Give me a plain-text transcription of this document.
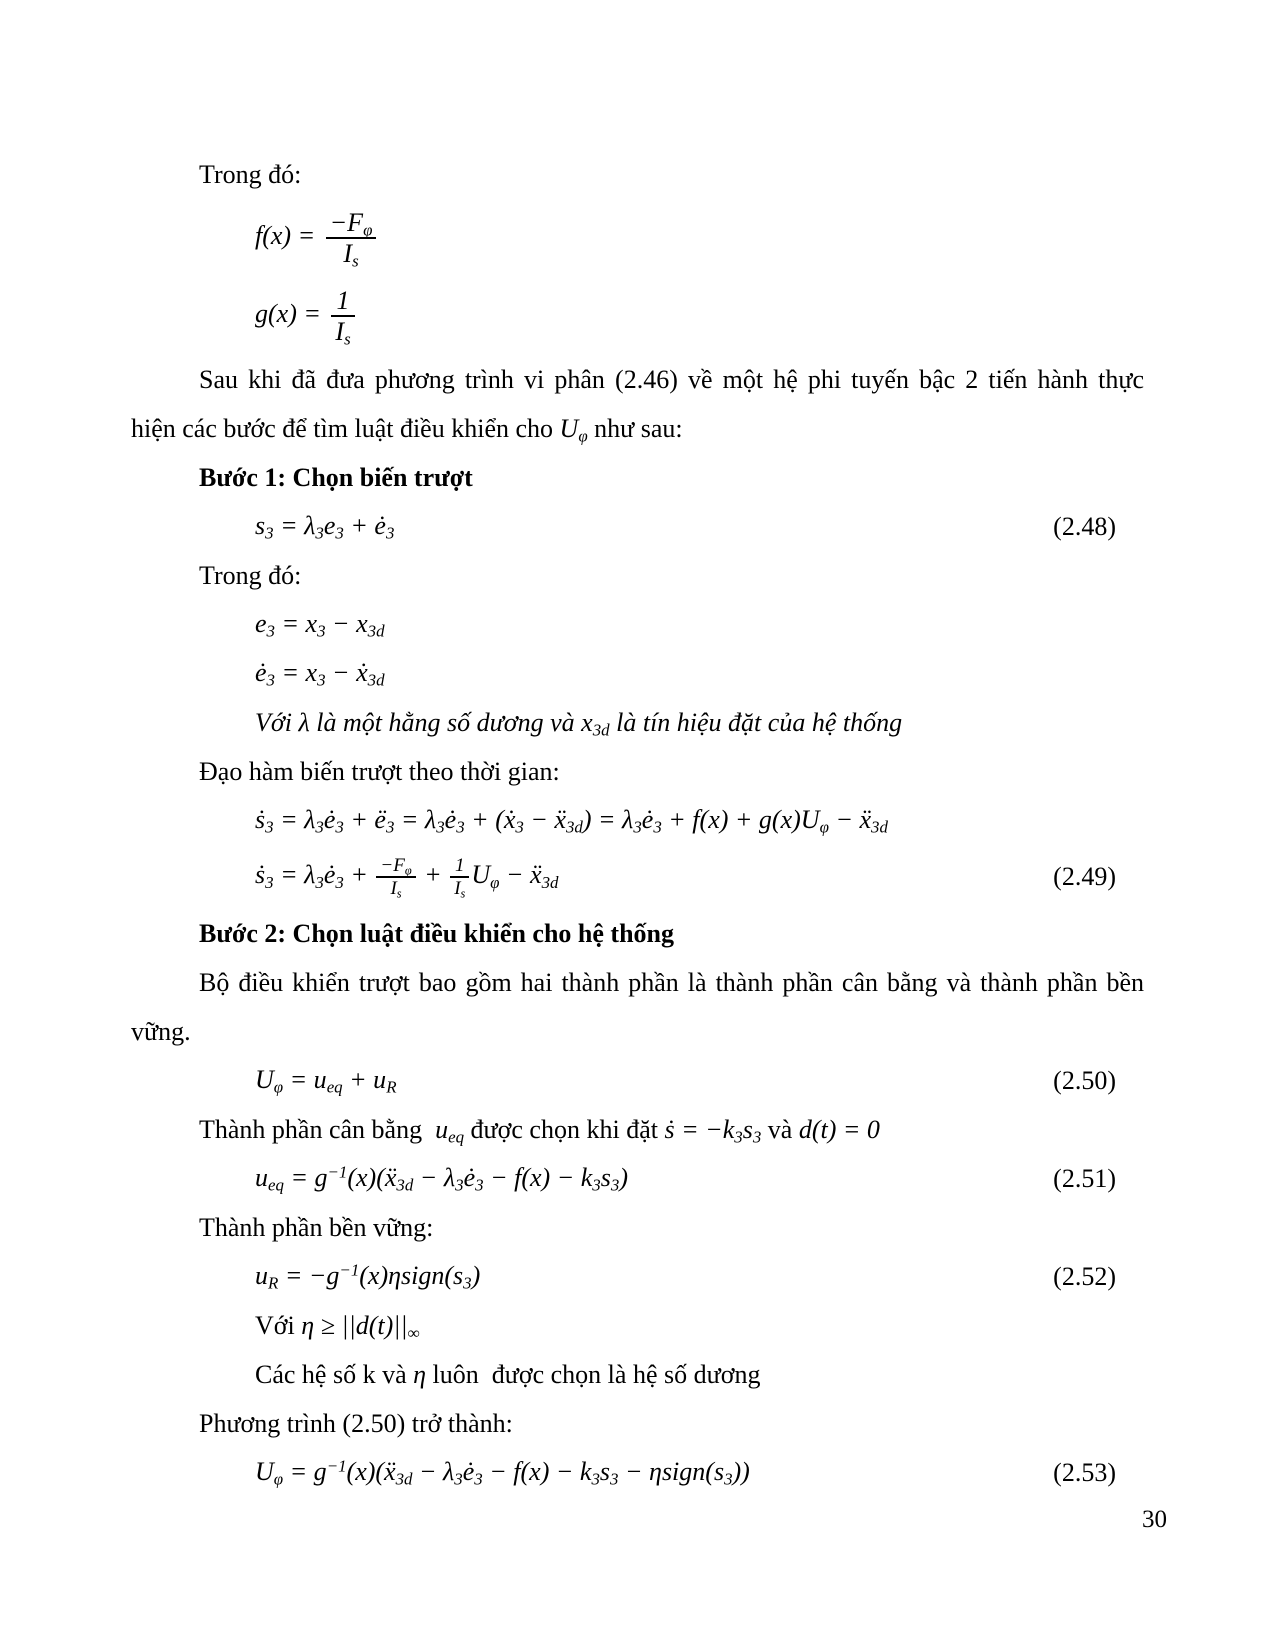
Trong đó:
$f(x) = \frac{-F\varphi}{Is}$
$g(x) = \frac{1}{Is}$
Sau khi đã đưa phương trình vi phân (2.46) về một hệ phi tuyến bậc 2 tiến hành thực
hiện các bước để tìm luật điều khiển cho Uφ như sau:
Bước 1: Chọn biến trượt
s3 = λ3e3 + ė3	(2.48)
Trong đó:
e3 = x3 − x3d
ė3 = x3 − ẋ3d
Với λ là một hằng số dương và x3d là tín hiệu đặt của hệ thống
Đạo hàm biến trượt theo thời gian:
ṡ3 = λ3ė3 + ë3 = λ3ė3 + (ẋ3 − ẍ3d) = λ3ė3 + f(x) + g(x)Uφ − ẍ3d
ṡ3 = λ3ė3 + $\frac{-F\varphi}{Is} + \frac{1}{Is}$ Uφ − ẍ3d	(2.49)
Bước 2: Chọn luật điều khiển cho hệ thống
Bộ điều khiển trượt bao gồm hai thành phần là thành phần cân bằng và thành phần bền
vững.
Uφ = ueq + uR	(2.50)
Thành phần cân bằng  ueq được chọn khi đặt ṡ = −k3s3 và d(t) = 0
ueq = $g^{-1}(x)(ẍ3d$ − λ3ė3 − f(x) − k3s3)	(2.51)
Thành phần bền vững:
uR = $-g^{-1}(x)\eta sign(s3)$	(2.52)
Với η ≥ ||d(t)||∞
Các hệ số k và η luôn  được chọn là hệ số dương
Phương trình (2.50) trở thành:
$U\varphi = g^{-1}(x)(ẍ3d$ − λ3ė3 − f(x) − k3s3 − ηsign(s3))	(2.53)
30
